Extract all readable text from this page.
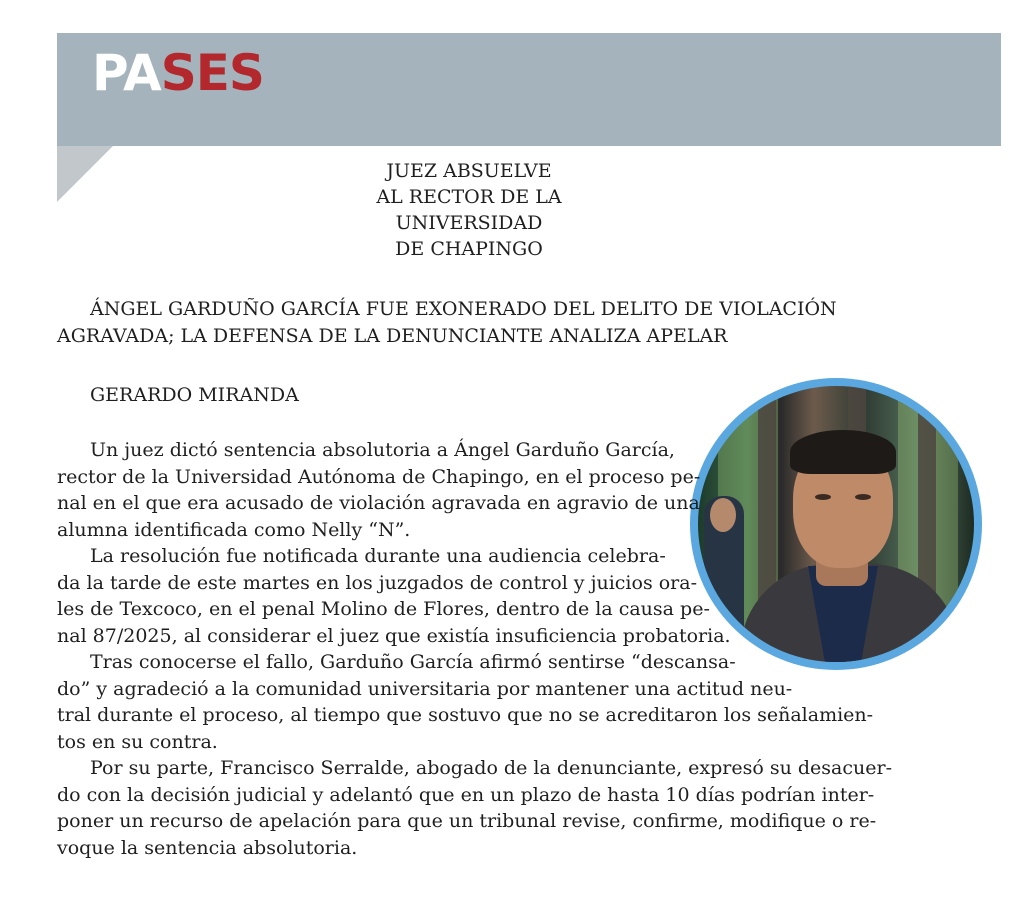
PASES
JUEZ ABSUELVE
AL RECTOR DE LA
UNIVERSIDAD
DE CHAPINGO
ÁNGEL GARDUÑO GARCÍA FUE EXONERADO DEL DELITO DE VIOLACIÓN
AGRAVADA; LA DEFENSA DE LA DENUNCIANTE ANALIZA APELAR
GERARDO MIRANDA
Un juez dictó sentencia absolutoria a Ángel Garduño García,
rector de la Universidad Autónoma de Chapingo, en el proceso pe-
nal en el que era acusado de violación agravada en agravio de una
alumna identificada como Nelly “N”.
La resolución fue notificada durante una audiencia celebra-
da la tarde de este martes en los juzgados de control y juicios ora-
les de Texcoco, en el penal Molino de Flores, dentro de la causa pe-
nal 87/2025, al considerar el juez que existía insuficiencia probatoria.
Tras conocerse el fallo, Garduño García afirmó sentirse “descansa-
do” y agradeció a la comunidad universitaria por mantener una actitud neu-
tral durante el proceso, al tiempo que sostuvo que no se acreditaron los señalamien-
tos en su contra.
Por su parte, Francisco Serralde, abogado de la denunciante, expresó su desacuer-
do con la decisión judicial y adelantó que en un plazo de hasta 10 días podrían inter-
poner un recurso de apelación para que un tribunal revise, confirme, modifique o re-
voque la sentencia absolutoria.
